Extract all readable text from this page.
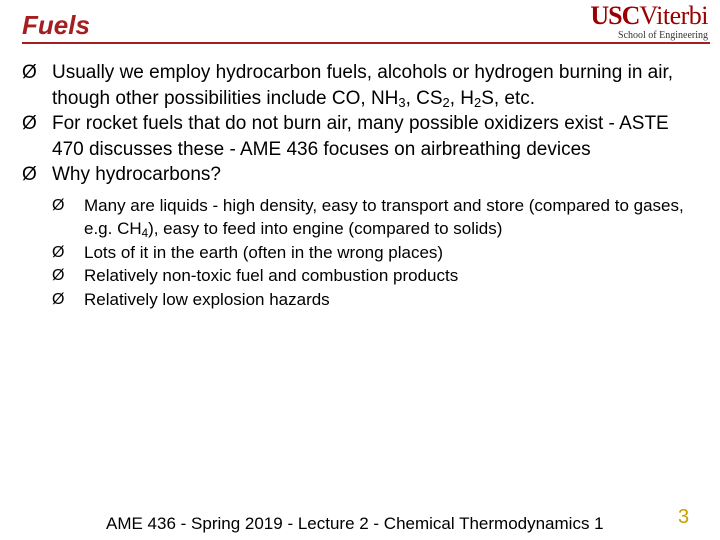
Fuels	USCViterbi
School of Engineering
Ø Usually we employ hydrocarbon fuels, alcohols or hydrogen burning in air, though other possibilities include CO, $NH_3$, $CS_2$, $H_2S$, etc.
Ø For rocket fuels that do not burn air, many possible oxidizers exist - ASTE 470 discusses these - AME 436 focuses on airbreathing devices
Ø Why hydrocarbons?
Ø Many are liquids - high density, easy to transport and store (compared to gases, e.g. $CH_4$), easy to feed into engine (compared to solids)
Ø Lots of it in the earth (often in the wrong places)
Ø Relatively non-toxic fuel and combustion products
Ø Relatively low explosion hazards
AME 436 - Spring 2019 - Lecture 2 - Chemical Thermodynamics 1	3
